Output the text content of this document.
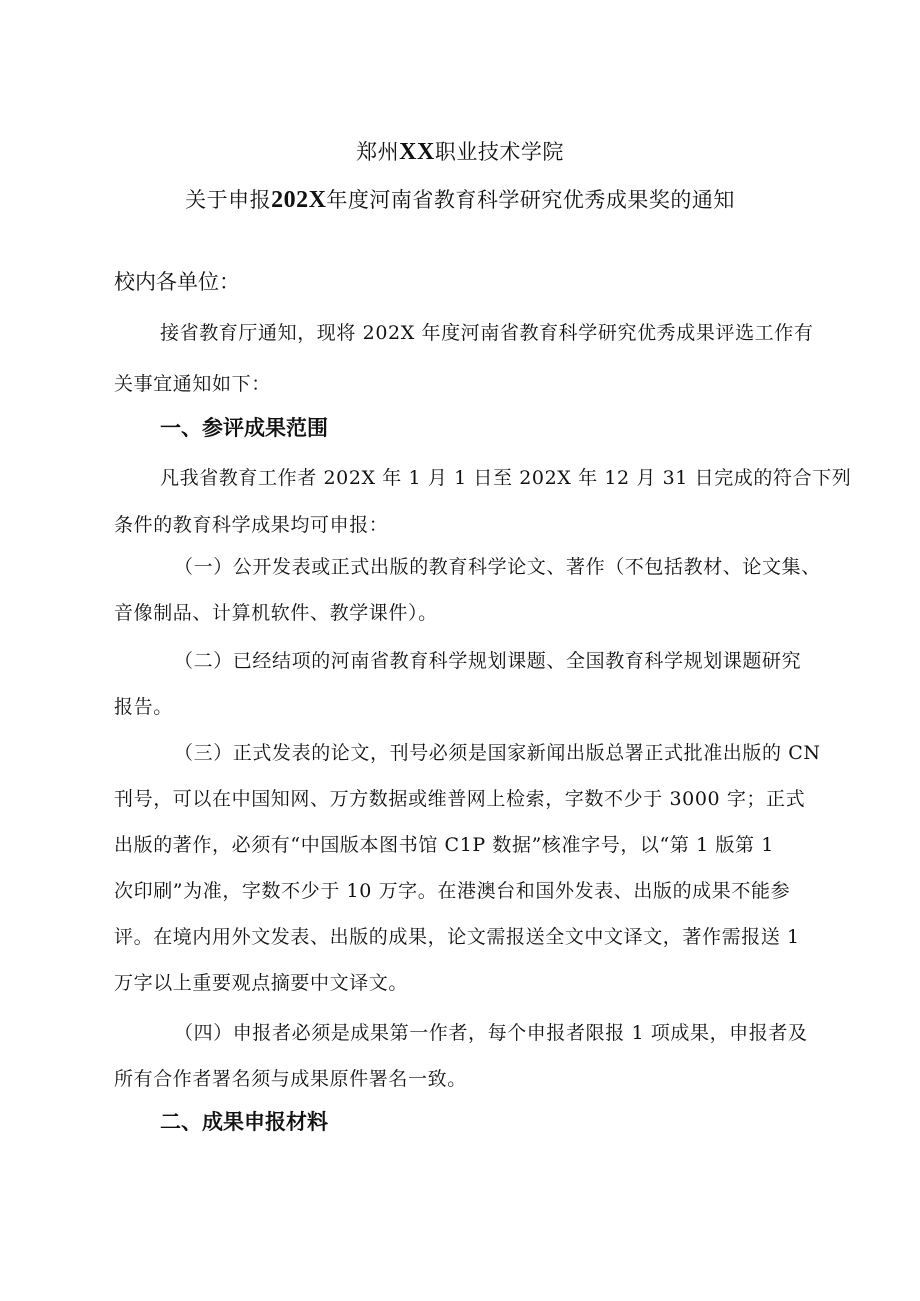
郑州XX职业技术学院
关于申报202X年度河南省教育科学研究优秀成果奖的通知
校内各单位：
接省教育厅通知，现将 202X 年度河南省教育科学研究优秀成果评选工作有
关事宜通知如下：
一、参评成果范围
凡我省教育工作者 202X 年 1 月 1 日至 202X 年 12 月 31 日完成的符合下列
条件的教育科学成果均可申报：
（一）公开发表或正式出版的教育科学论文、著作（不包括教材、论文集、
音像制品、计算机软件、教学课件）。
（二）已经结项的河南省教育科学规划课题、全国教育科学规划课题研究
报告。
（三）正式发表的论文，刊号必须是国家新闻出版总署正式批准出版的 CN
刊号，可以在中国知网、万方数据或维普网上检索，字数不少于 3000 字；正式
出版的著作，必须有“中国版本图书馆 C1P 数据”核准字号，以“第 1 版第 1
次印刷”为准，字数不少于 10 万字。在港澳台和国外发表、出版的成果不能参
评。在境内用外文发表、出版的成果，论文需报送全文中文译文，著作需报送 1
万字以上重要观点摘要中文译文。
（四）申报者必须是成果第一作者，每个申报者限报 1 项成果，申报者及
所有合作者署名须与成果原件署名一致。
二、成果申报材料
